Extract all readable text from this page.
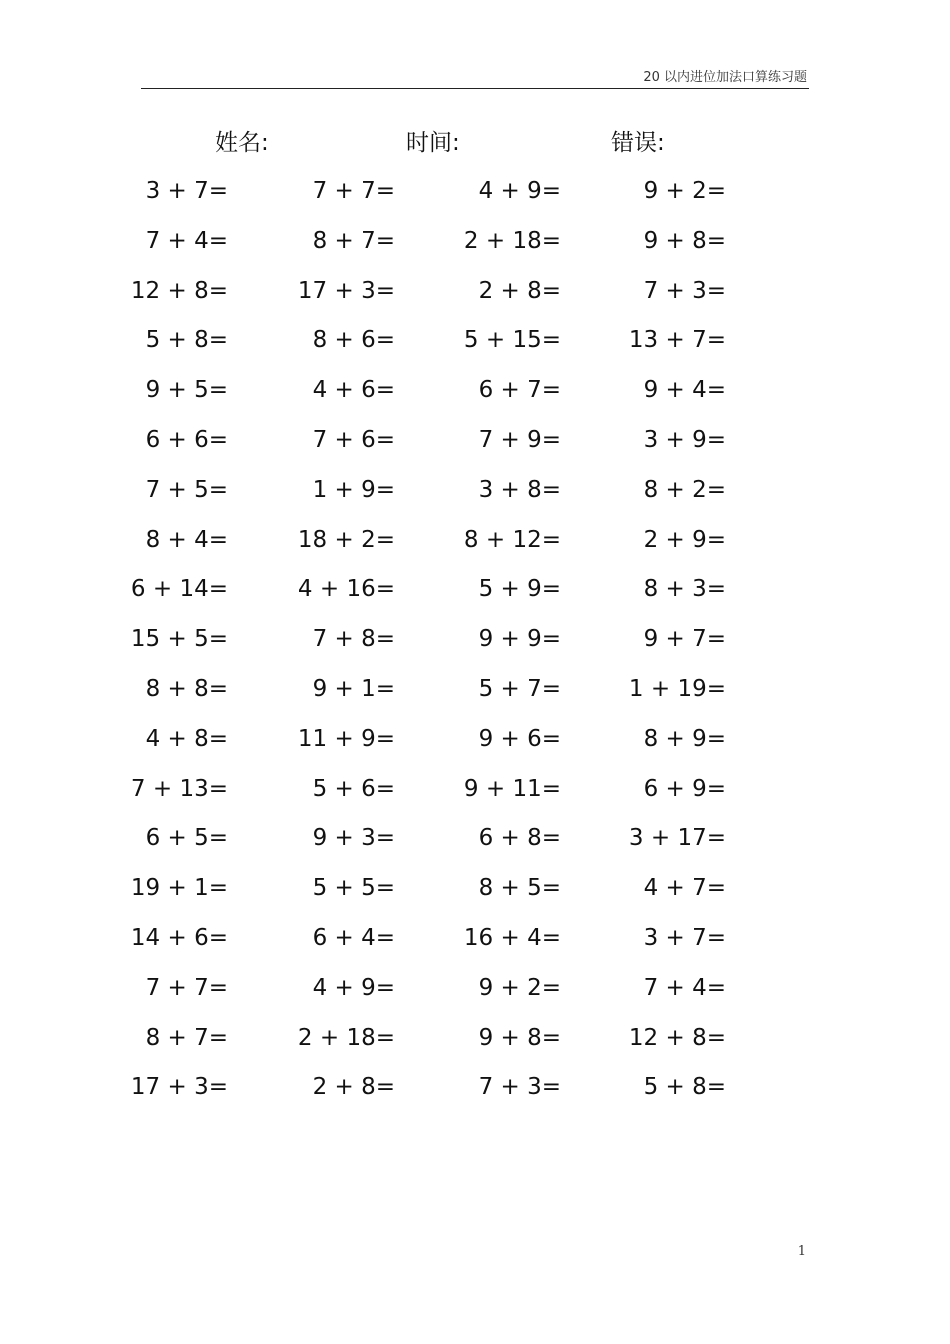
20 以内进位加法口算练习题
姓名:	时间:	错误:
3 + 7=	7 + 7=	4 + 9=	9 + 2=
7 + 4=	8 + 7=	2 + 18=	9 + 8=
12 + 8=	17 + 3=	2 + 8=	7 + 3=
5 + 8=	8 + 6=	5 + 15=	13 + 7=
9 + 5=	4 + 6=	6 + 7=	9 + 4=
6 + 6=	7 + 6=	7 + 9=	3 + 9=
7 + 5=	1 + 9=	3 + 8=	8 + 2=
8 + 4=	18 + 2=	8 + 12=	2 + 9=
6 + 14=	4 + 16=	5 + 9=	8 + 3=
15 + 5=	7 + 8=	9 + 9=	9 + 7=
8 + 8=	9 + 1=	5 + 7=	1 + 19=
4 + 8=	11 + 9=	9 + 6=	8 + 9=
7 + 13=	5 + 6=	9 + 11=	6 + 9=
6 + 5=	9 + 3=	6 + 8=	3 + 17=
19 + 1=	5 + 5=	8 + 5=	4 + 7=
14 + 6=	6 + 4=	16 + 4=	3 + 7=
7 + 7=	4 + 9=	9 + 2=	7 + 4=
8 + 7=	2 + 18=	9 + 8=	12 + 8=
17 + 3=	2 + 8=	7 + 3=	5 + 8=
1
